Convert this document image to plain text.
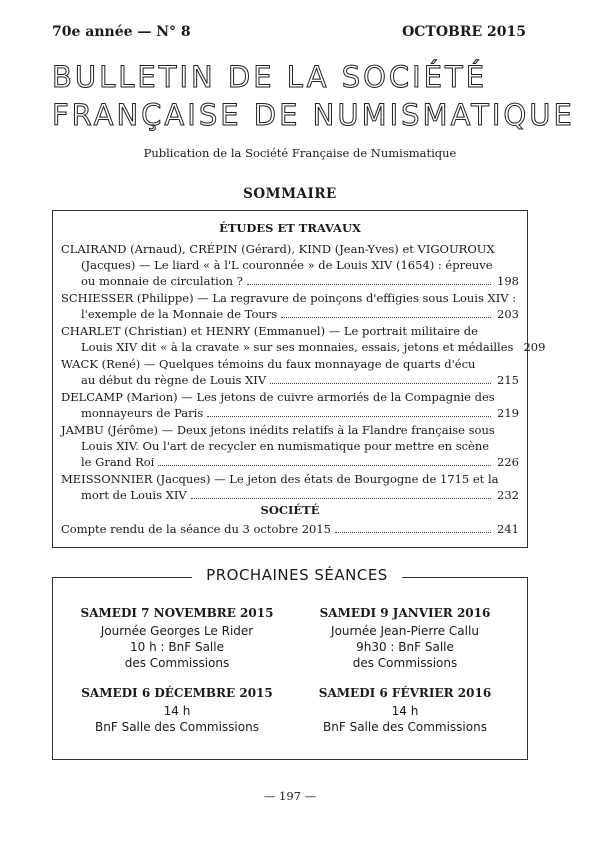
70e année — N° 8	OCTOBRE 2015
BULLETIN DE LA SOCIÉTÉ
FRANÇAISE DE NUMISMATIQUE
Publication de la Société Française de Numismatique
SOMMAIRE
ÉTUDES ET TRAVAUX
CLAIRAND (Arnaud), CRÉPIN (Gérard), KIND (Jean-Yves) et VIGOUROUX
(Jacques) — Le liard « à l'L couronnée » de Louis XIV (1654) : épreuve
ou monnaie de circulation ?	198
SCHIESSER (Philippe) — La regravure de poinçons d'effigies sous Louis XIV :
l'exemple de la Monnaie de Tours	203
CHARLET (Christian) et HENRY (Emmanuel) — Le portrait militaire de
Louis XIV dit « à la cravate » sur ses monnaies, essais, jetons et médailles 209
WACK (René) — Quelques témoins du faux monnayage de quarts d'écu
au début du règne de Louis XIV	215
DELCAMP (Marion) — Les jetons de cuivre armoriés de la Compagnie des
monnayeurs de Paris	219
JAMBU (Jérôme) — Deux jetons inédits relatifs à la Flandre française sous
Louis XIV. Ou l'art de recycler en numismatique pour mettre en scène
le Grand Roi	226
MEISSONNIER (Jacques) — Le jeton des états de Bourgogne de 1715 et la
mort de Louis XIV	232
SOCIÉTÉ
Compte rendu de la séance du 3 octobre 2015	241
PROCHAINES SÉANCES
SAMEDI 7 NOVEMBRE 2015
Journée Georges Le Rider
10 h : BnF Salle
des Commissions
SAMEDI 9 JANVIER 2016
Journée Jean-Pierre Callu
9h30 : BnF Salle
des Commissions
SAMEDI 6 DÉCEMBRE 2015
14 h
BnF Salle des Commissions
SAMEDI 6 FÉVRIER 2016
14 h
BnF Salle des Commissions
— 197 —
